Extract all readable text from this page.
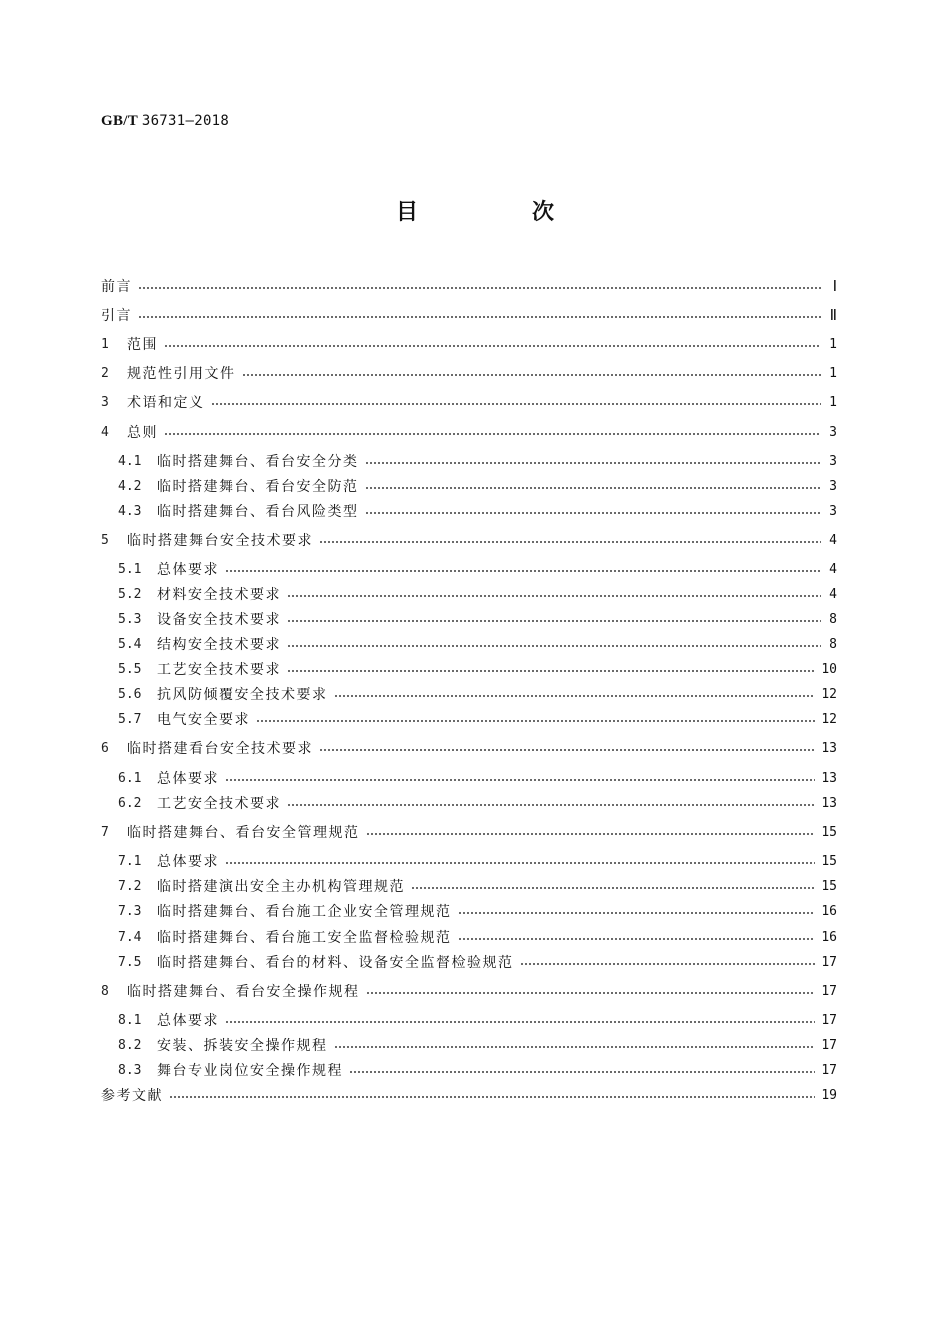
GB/T 36731—2018
目　次
前言	Ⅰ
引言	Ⅱ
1	范围	1
2	规范性引用文件	1
3	术语和定义	1
4	总则	3
4.1	临时搭建舞台、看台安全分类	3
4.2	临时搭建舞台、看台安全防范	3
4.3	临时搭建舞台、看台风险类型	3
5	临时搭建舞台安全技术要求	4
5.1	总体要求	4
5.2	材料安全技术要求	4
5.3	设备安全技术要求	8
5.4	结构安全技术要求	8
5.5	工艺安全技术要求	10
5.6	抗风防倾覆安全技术要求	12
5.7	电气安全要求	12
6	临时搭建看台安全技术要求	13
6.1	总体要求	13
6.2	工艺安全技术要求	13
7	临时搭建舞台、看台安全管理规范	15
7.1	总体要求	15
7.2	临时搭建演出安全主办机构管理规范	15
7.3	临时搭建舞台、看台施工企业安全管理规范	16
7.4	临时搭建舞台、看台施工安全监督检验规范	16
7.5	临时搭建舞台、看台的材料、设备安全监督检验规范	17
8	临时搭建舞台、看台安全操作规程	17
8.1	总体要求	17
8.2	安装、拆装安全操作规程	17
8.3	舞台专业岗位安全操作规程	17
参考文献	19
